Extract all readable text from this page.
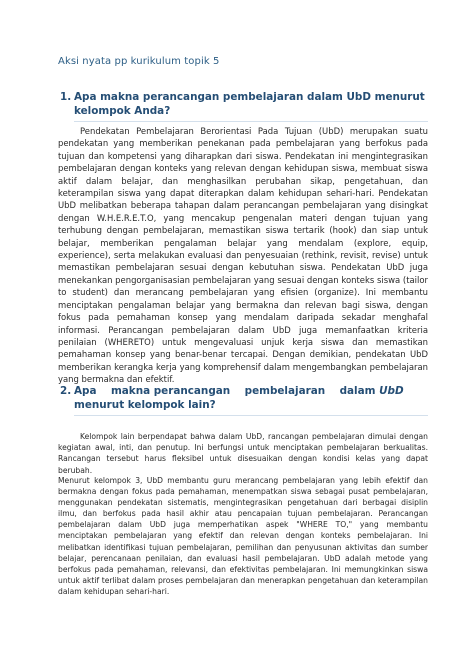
Aksi nyata pp kurikulum topik 5
1. Apa makna perancangan pembelajaran dalam UbD menurut kelompok Anda?
Pendekatan Pembelajaran Berorientasi Pada Tujuan (UbD) merupakan suatu pendekatan yang memberikan penekanan pada pembelajaran yang berfokus pada tujuan dan kompetensi yang diharapkan dari siswa. Pendekatan ini mengintegrasikan pembelajaran dengan konteks yang relevan dengan kehidupan siswa, membuat siswa aktif dalam belajar, dan menghasilkan perubahan sikap, pengetahuan, dan keterampilan siswa yang dapat diterapkan dalam kehidupan sehari-hari. Pendekatan UbD melibatkan beberapa tahapan dalam perancangan pembelajaran yang disingkat dengan W.H.E.R.E.T.O, yang mencakup pengenalan materi dengan tujuan yang terhubung dengan pembelajaran, memastikan siswa tertarik (hook) dan siap untuk belajar, memberikan pengalaman belajar yang mendalam (explore, equip, experience), serta melakukan evaluasi dan penyesuaian (rethink, revisit, revise) untuk memastikan pembelajaran sesuai dengan kebutuhan siswa. Pendekatan UbD juga menekankan pengorganisasian pembelajaran yang sesuai dengan konteks siswa (tailor to student) dan merancang pembelajaran yang efisien (organize). Ini membantu menciptakan pengalaman belajar yang bermakna dan relevan bagi siswa, dengan fokus pada pemahaman konsep yang mendalam daripada sekadar menghafal informasi. Perancangan pembelajaran dalam UbD juga memanfaatkan kriteria penilaian (WHERETO) untuk mengevaluasi unjuk kerja siswa dan memastikan pemahaman konsep yang benar-benar tercapai. Dengan demikian, pendekatan UbD memberikan kerangka kerja yang komprehensif dalam mengembangkan pembelajaran yang bermakna dan efektif.
2. Apa    makna perancangan    pembelajaran    dalam UbD menurut kelompok lain?
Kelompok lain berpendapat bahwa dalam UbD, rancangan pembelajaran dimulai dengan kegiatan awal, inti, dan penutup. Ini berfungsi untuk menciptakan pembelajaran berkualitas. Rancangan tersebut harus fleksibel untuk disesuaikan dengan kondisi kelas yang dapat berubah.
Menurut kelompok 3, UbD membantu guru merancang pembelajaran yang lebih efektif dan bermakna dengan fokus pada pemahaman, menempatkan siswa sebagai pusat pembelajaran, menggunakan pendekatan sistematis, mengintegrasikan pengetahuan dari berbagai disiplin ilmu, dan berfokus pada hasil akhir atau pencapaian tujuan pembelajaran. Perancangan pembelajaran dalam UbD juga memperhatikan aspek "WHERE TO," yang membantu menciptakan pembelajaran yang efektif dan relevan dengan konteks pembelajaran. Ini melibatkan identifikasi tujuan pembelajaran, pemilihan dan penyusunan aktivitas dan sumber belajar, perencanaan penilaian, dan evaluasi hasil pembelajaran. UbD adalah metode yang berfokus pada pemahaman, relevansi, dan efektivitas pembelajaran. Ini memungkinkan siswa untuk aktif terlibat dalam proses pembelajaran dan menerapkan pengetahuan dan keterampilan dalam kehidupan sehari-hari.
